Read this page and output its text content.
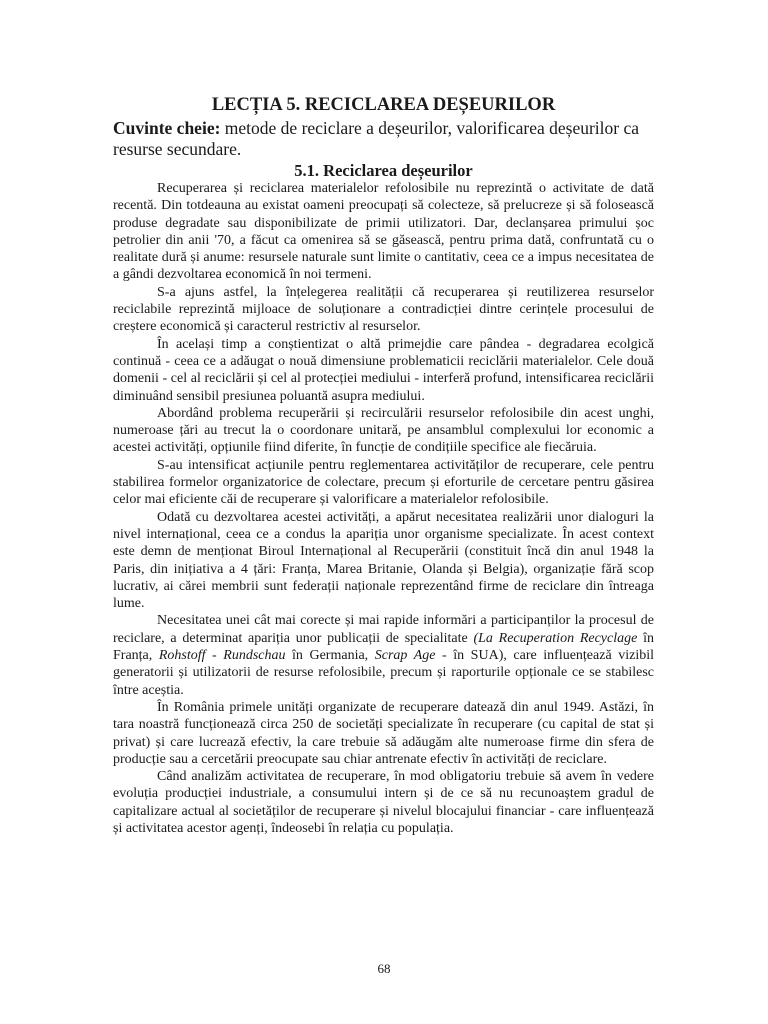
LECȚIA 5. RECICLAREA DEȘEURILOR

Cuvinte cheie: metode de reciclare a deșeurilor, valorificarea deșeurilor ca resurse secundare.

5.1. Reciclarea deșeurilor

Recuperarea și reciclarea materialelor refolosibile nu reprezintă o activitate de dată recentă. Din totdeauna au existat oameni preocupați să colecteze, să prelucreze și să folosească produse degradate sau disponibilizate de primii utilizatori. Dar, declanșarea primului șoc petrolier din anii '70, a făcut ca omenirea să se găsească, pentru prima dată, confruntată cu o realitate dură și anume: resursele naturale sunt limite o cantitativ, ceea ce a impus necesitatea de a gândi dezvoltarea economică în noi termeni.

S-a ajuns astfel, la înțelegerea realității că recuperarea și reutilizerea resurselor reciclabile reprezintă mijloace de soluționare a contradicției dintre cerințele procesului de creștere economică și caracterul restrictiv al resurselor.

În același timp a conștientizat o altă primejdie care pândea - degradarea ecolgică continuă - ceea ce a adăugat o nouă dimensiune problematicii reciclării materialelor. Cele două domenii - cel al reciclării și cel al protecției mediului - interferă profund, intensificarea reciclării diminuând sensibil presiunea poluantă asupra mediului.

Abordând problema recuperării și recirculării resurselor refolosibile din acest unghi, numeroase țări au trecut la o coordonare unitară, pe ansamblul complexului lor economic a acestei activități, opțiunile fiind diferite, în funcție de condițiile specifice ale fiecăruia.

S-au intensificat acțiunile pentru reglementarea activităților de recuperare, cele pentru stabilirea formelor organizatorice de colectare, precum și eforturile de cercetare pentru găsirea celor mai eficiente căi de recuperare și valorificare a materialelor refolosibile.

Odată cu dezvoltarea acestei activități, a apărut necesitatea realizării unor dialoguri la nivel internațional, ceea ce a condus la apariția unor organisme specializate. În acest context este demn de menționat Biroul Internațional al Recuperării (constituit încă din anul 1948 la Paris, din inițiativa a 4 țări: Franța, Marea Britanie, Olanda și Belgia), organizație fără scop lucrativ, ai cărei membrii sunt federații naționale reprezentând firme de reciclare din întreaga lume.

Necesitatea unei cât mai corecte și mai rapide informări a participanților la procesul de reciclare, a determinat apariția unor publicații de specialitate (La Recuperation Recyclage în Franța, Rohstoff - Rundschau în Germania, Scrap Age - în SUA), care influențează vizibil generatorii și utilizatorii de resurse refolosibile, precum și raporturile opționale ce se stabilesc între aceștia.

În România primele unități organizate de recuperare datează din anul 1949. Astăzi, în tara noastră funcționează circa 250 de societăți specializate în recuperare (cu capital de stat și privat) și care lucrează efectiv, la care trebuie să adăugăm alte numeroase firme din sfera de producție sau a cercetării preocupate sau chiar antrenate efectiv în activități de reciclare.

Când analizăm activitatea de recuperare, în mod obligatoriu trebuie să avem în vedere evoluția producției industriale, a consumului intern și de ce să nu recunoaștem gradul de capitalizare actual al societăților de recuperare și nivelul blocajului financiar - care influențează și activitatea acestor agenți, îndeosebi în relația cu populația.

68
